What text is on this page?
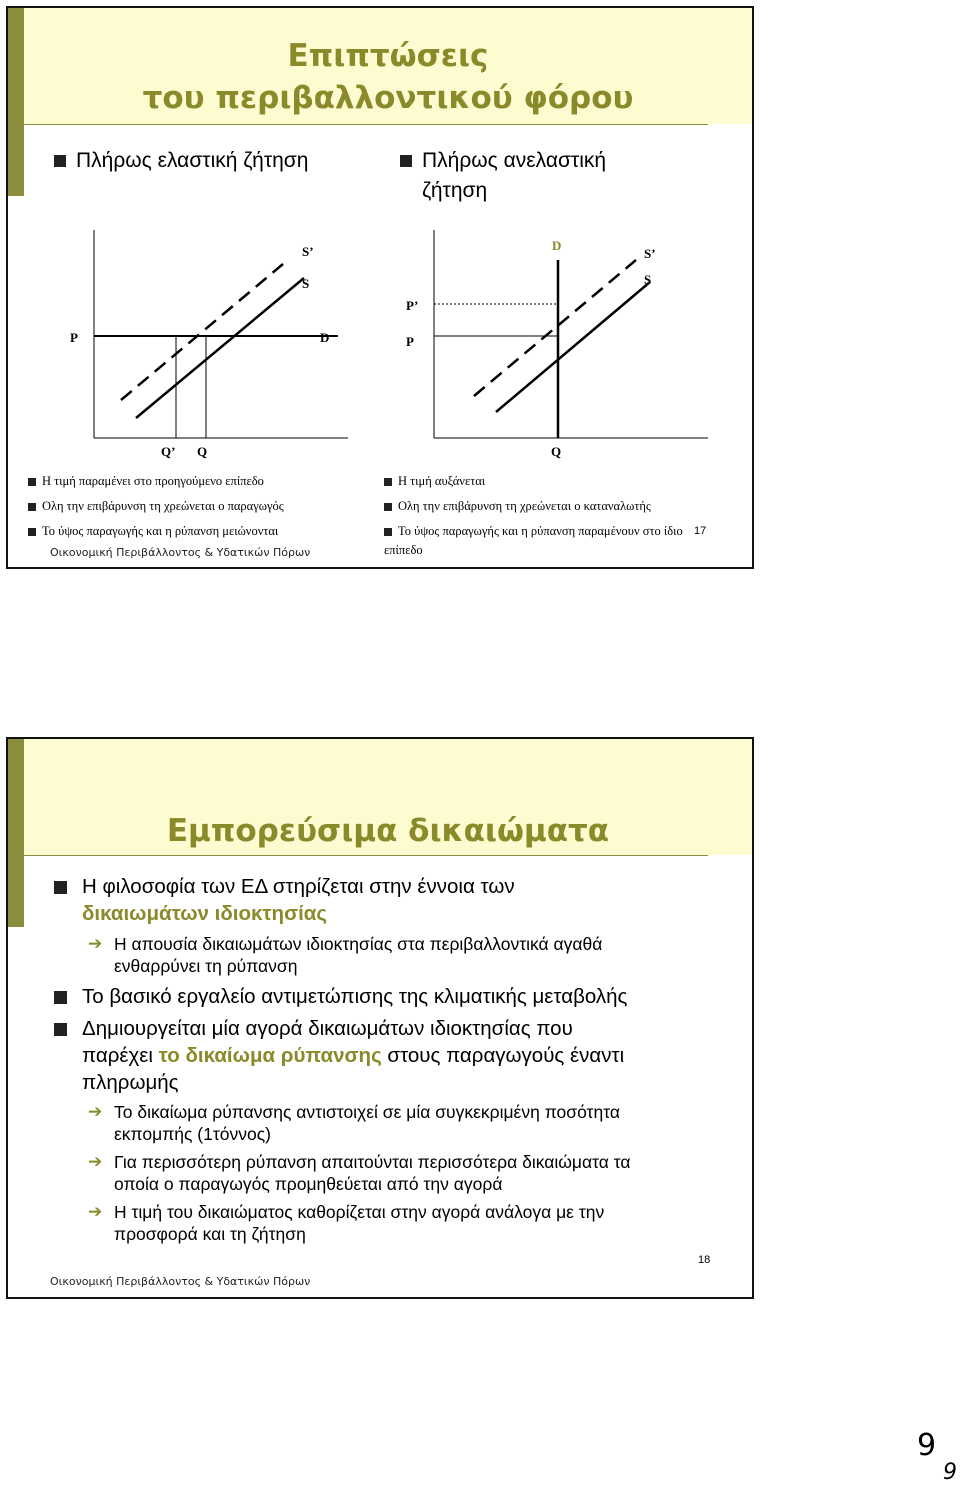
Επιπτώσεις
του περιβαλλοντικού φόρου
Πλήρως ελαστική ζήτηση	Πλήρως ανελαστική
ζήτηση
S’
S
P	D
Q’ Q
D
S’
S
P’
P
Q
Η τιμή παραμένει στο προηγούμενο επίπεδο
Ολη την επιβάρυνση τη χρεώνεται ο παραγωγός
Το ύψος παραγωγής και η ρύπανση μειώνονται
Οικονομική Περιβάλλοντος & Υδατικών Πόρων
Η τιμή αυξάνεται
Ολη την επιβάρυνση τη χρεώνεται ο καταναλωτής
Το ύψος παραγωγής και η ρύπανση παραμένουν στο ίδιο
επίπεδο
17
Εμπορεύσιμα δικαιώματα
Η φιλοσοφία των ΕΔ στηρίζεται στην έννοια των
δικαιωμάτων ιδιοκτησίας
➔ Η απουσία δικαιωμάτων ιδιοκτησίας στα περιβαλλοντικά αγαθά
ενθαρρύνει τη ρύπανση
Το βασικό εργαλείο αντιμετώπισης της κλιματικής μεταβολής
Δημιουργείται μία αγορά δικαιωμάτων ιδιοκτησίας που
παρέχει το δικαίωμα ρύπανσης στους παραγωγούς έναντι
πληρωμής
➔ Το δικαίωμα ρύπανσης αντιστοιχεί σε μία συγκεκριμένη ποσότητα
εκπομπής (1τόννος)
➔ Για περισσότερη ρύπανση απαιτούνται περισσότερα δικαιώματα τα
οποία ο παραγωγός προμηθεύεται από την αγορά
➔ Η τιμή του δικαιώματος καθορίζεται στην αγορά ανάλογα με την
προσφορά και τη ζήτηση
18
Οικονομική Περιβάλλοντος & Υδατικών Πόρων
9
9
